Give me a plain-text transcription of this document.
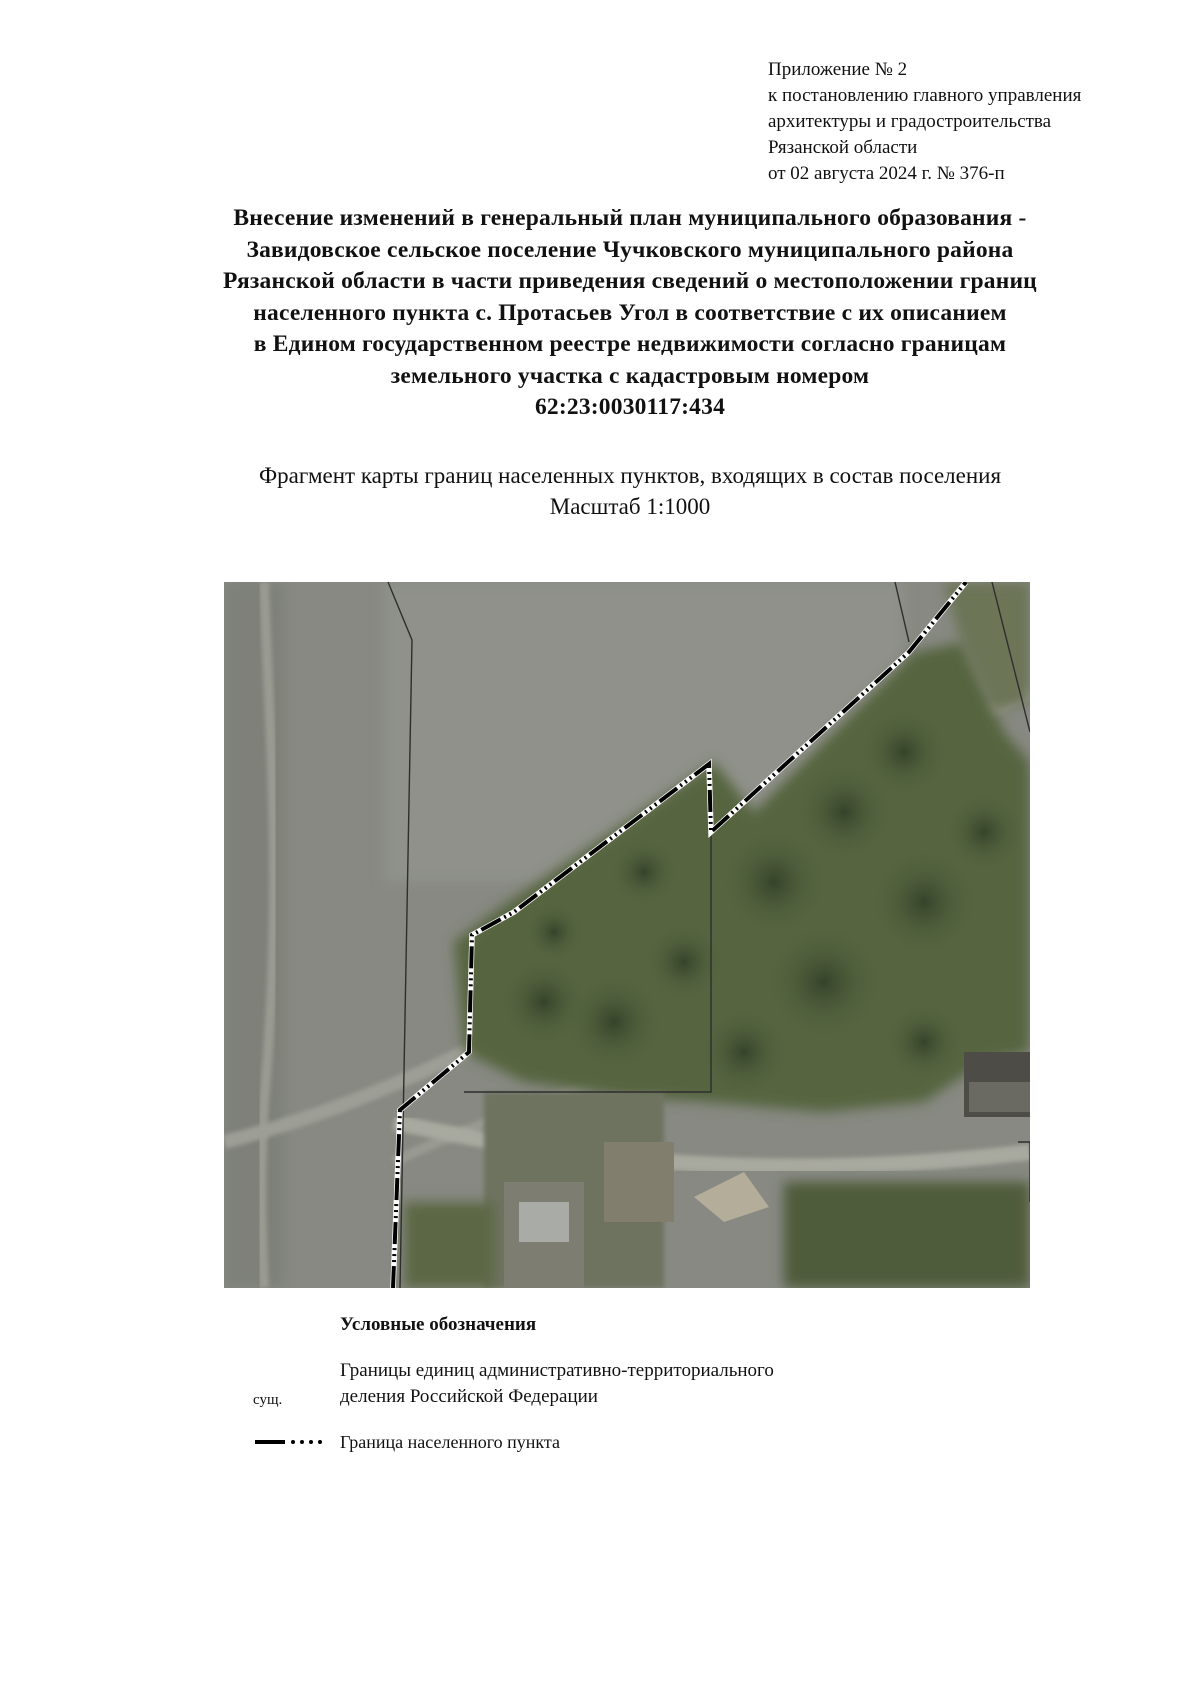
Приложение № 2
к постановлению главного управления
архитектуры и градостроительства
Рязанской области
от 02 августа 2024 г. № 376-п
Внесение изменений в генеральный план муниципального образования -
Завидовское сельское поселение Чучковского муниципального района
Рязанской области в части приведения сведений о местоположении границ
населенного пункта с. Протасьев Угол в соответствие с их описанием
в Едином государственном реестре недвижимости согласно границам
земельного участка с кадастровым номером
62:23:0030117:434
Фрагмент карты границ населенных пунктов, входящих в состав поселения
Масштаб 1:1000
Условные обозначения
сущ.
Границы единиц административно-территориального
деления Российской Федерации
Граница населенного пункта
